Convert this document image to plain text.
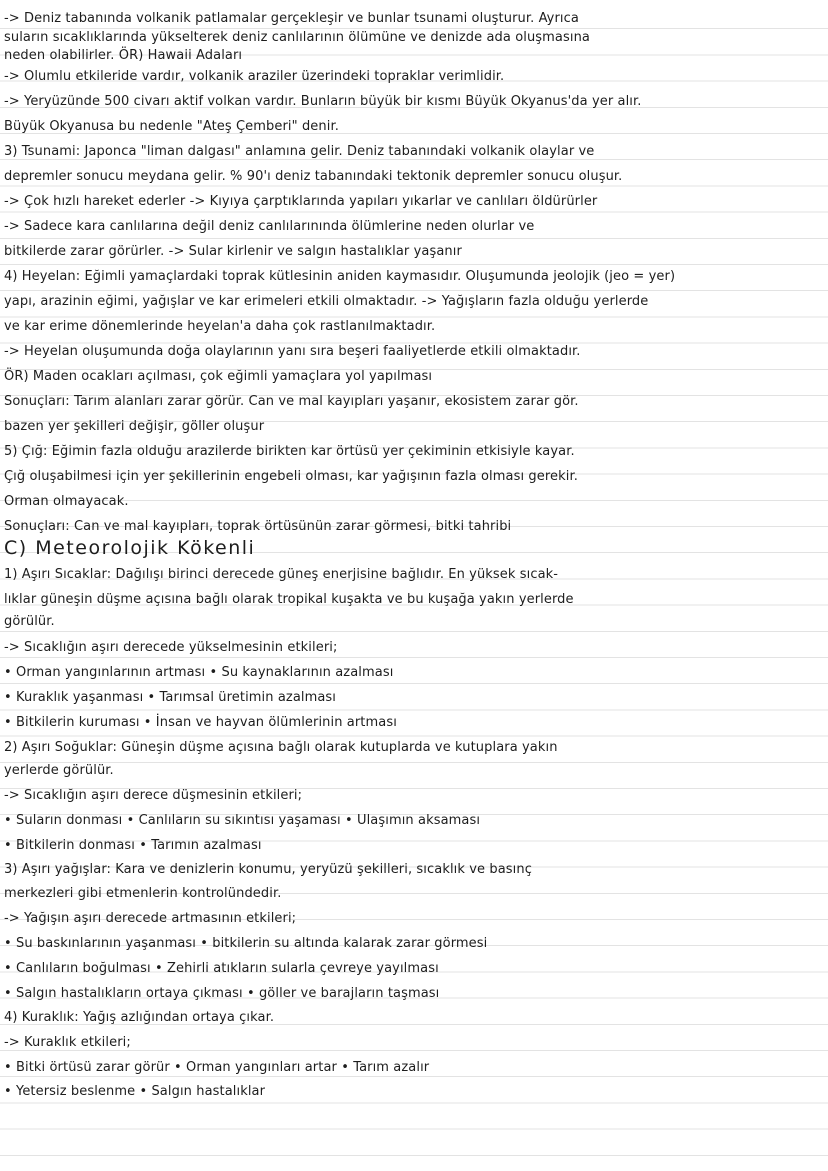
-> Deniz tabanında volkanik patlamalar gerçekleşir ve bunlar tsunami oluşturur. Ayrıca
suların sıcaklıklarında yükselterek deniz canlılarının ölümüne ve denizde ada oluşmasına
neden olabilirler. ÖR) Hawaii Adaları
-> Olumlu etkileride vardır, volkanik araziler üzerindeki topraklar verimlidir.
-> Yeryüzünde 500 civarı aktif volkan vardır. Bunların büyük bir kısmı Büyük Okyanus'da yer alır.
Büyük Okyanusa bu nedenle "Ateş Çemberi" denir.
3) Tsunami: Japonca "liman dalgası" anlamına gelir. Deniz tabanındaki volkanik olaylar ve
depremler sonucu meydana gelir. % 90'ı deniz tabanındaki tektonik depremler sonucu oluşur.
-> Çok hızlı hareket ederler -> Kıyıya çarptıklarında yapıları yıkarlar ve canlıları öldürürler
-> Sadece kara canlılarına değil deniz canlılarınında ölümlerine neden olurlar ve
bitkilerde zarar görürler. -> Sular kirlenir ve salgın hastalıklar yaşanır
4) Heyelan: Eğimli yamaçlardaki toprak kütlesinin aniden kaymasıdır. Oluşumunda jeolojik (jeo = yer)
yapı, arazinin eğimi, yağışlar ve kar erimeleri etkili olmaktadır. -> Yağışların fazla olduğu yerlerde
ve kar erime dönemlerinde heyelan'a daha çok rastlanılmaktadır.
-> Heyelan oluşumunda doğa olaylarının yanı sıra beşeri faaliyetlerde etkili olmaktadır.
ÖR) Maden ocakları açılması, çok eğimli yamaçlara yol yapılması
Sonuçları: Tarım alanları zarar görür. Can ve mal kayıpları yaşanır, ekosistem zarar gör.
bazen yer şekilleri değişir, göller oluşur
5) Çığ: Eğimin fazla olduğu arazilerde birikten kar örtüsü yer çekiminin etkisiyle kayar.
Çığ oluşabilmesi için yer şekillerinin engebeli olması, kar yağışının fazla olması gerekir.
Orman olmayacak.
Sonuçları: Can ve mal kayıpları, toprak örtüsünün zarar görmesi, bitki tahribi
C) Meteorolojik Kökenli
1) Aşırı Sıcaklar: Dağılışı birinci derecede güneş enerjisine bağlıdır. En yüksek sıcak-
lıklar güneşin düşme açısına bağlı olarak tropikal kuşakta ve bu kuşağa yakın yerlerde
görülür.
-> Sıcaklığın aşırı derecede yükselmesinin etkileri;
• Orman yangınlarının artması • Su kaynaklarının azalması
• Kuraklık yaşanması • Tarımsal üretimin azalması
• Bitkilerin kuruması • İnsan ve hayvan ölümlerinin artması
2) Aşırı Soğuklar: Güneşin düşme açısına bağlı olarak kutuplarda ve kutuplara yakın
yerlerde görülür.
-> Sıcaklığın aşırı derece düşmesinin etkileri;
• Suların donması • Canlıların su sıkıntısı yaşaması • Ulaşımın aksaması
• Bitkilerin donması • Tarımın azalması
3) Aşırı yağışlar: Kara ve denizlerin konumu, yeryüzü şekilleri, sıcaklık ve basınç
merkezleri gibi etmenlerin kontrolündedir.
-> Yağışın aşırı derecede artmasının etkileri;
• Su baskınlarının yaşanması • bitkilerin su altında kalarak zarar görmesi
• Canlıların boğulması • Zehirli atıkların sularla çevreye yayılması
• Salgın hastalıkların ortaya çıkması • göller ve barajların taşması
4) Kuraklık: Yağış azlığından ortaya çıkar.
-> Kuraklık etkileri;
• Bitki örtüsü zarar görür • Orman yangınları artar • Tarım azalır
• Yetersiz beslenme • Salgın hastalıklar
